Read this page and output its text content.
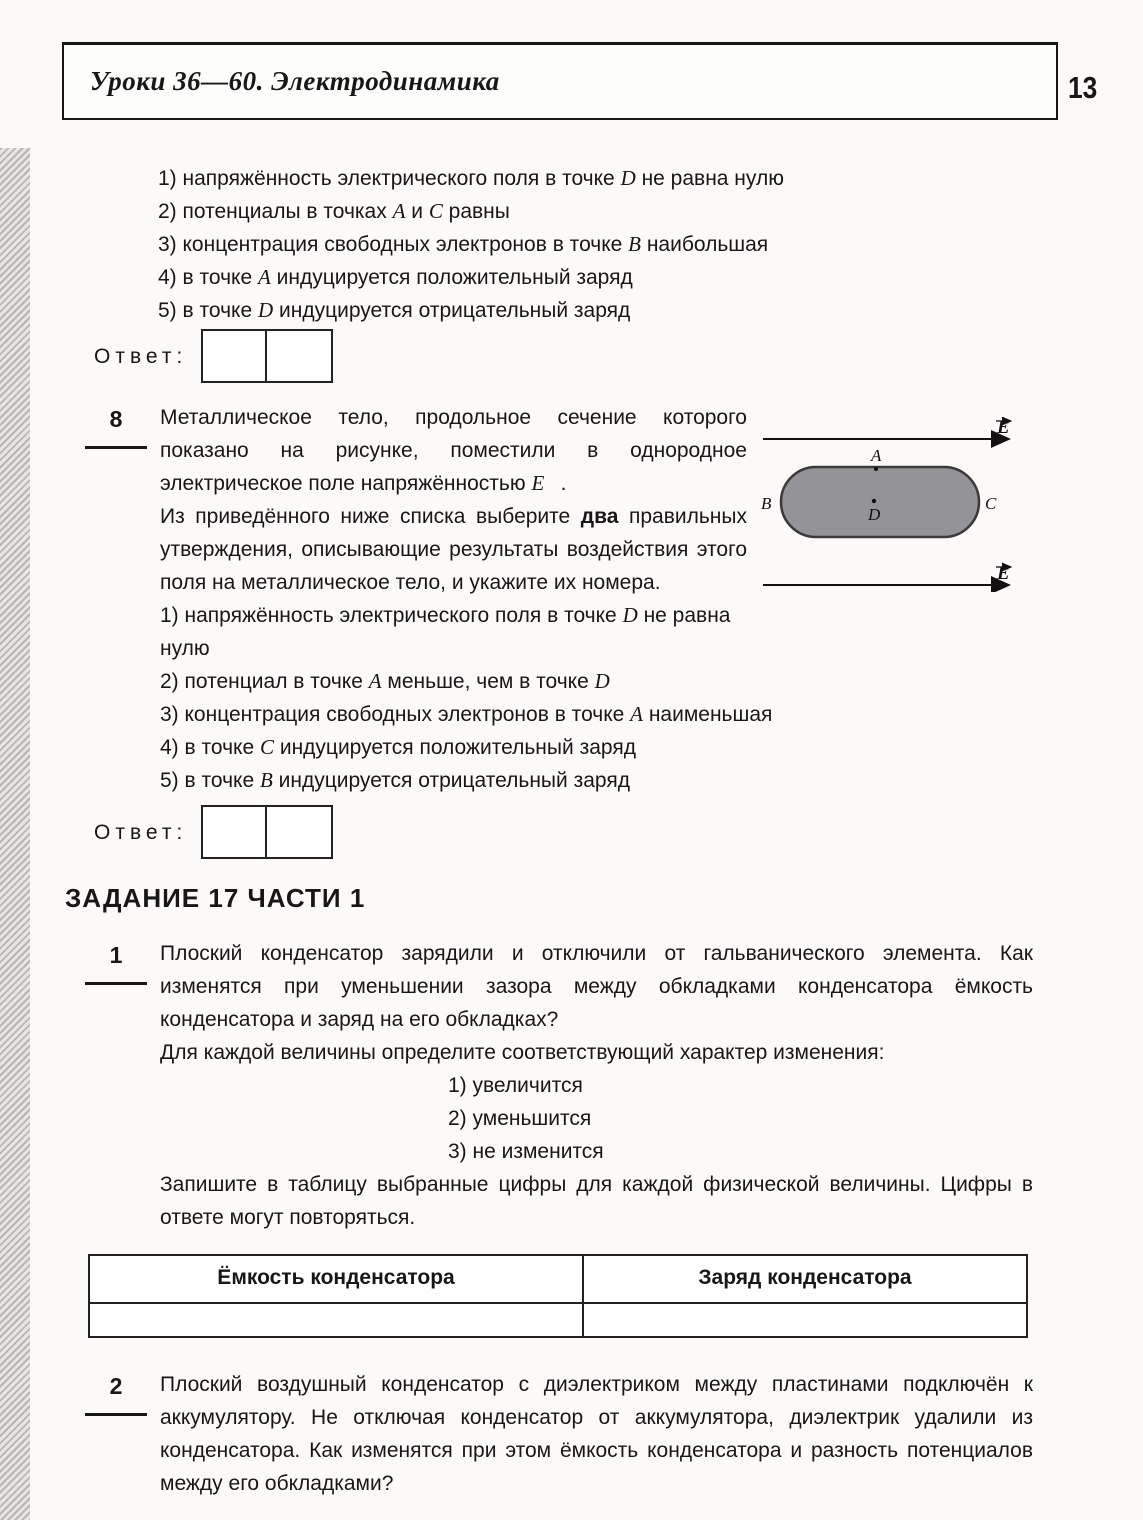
Уроки 36—60. Электродинамика	13
1) напряжённость электрического поля в точке D не равна нулю
2) потенциалы в точках A и C равны
3) концентрация свободных электронов в точке B наибольшая
4) в точке A индуцируется положительный заряд
5) в точке D индуцируется отрицательный заряд
Ответ:
8	E
A
D
B	C
E

Металлическое тело, продольное сечение которого показано на рисунке, поместили в однородное электрическое поле напряжённостью E⃗.

Из приведённого ниже списка выберите два правильных утверждения, описывающие результаты воздействия этого поля на металлическое тело, и укажите их номера.

1) напряжённость электрического поля в точке D не равна нулю
2) потенциал в точке A меньше, чем в точке D
3) концентрация свободных электронов в точке A наименьшая
4) в точке C индуцируется положительный заряд
5) в точке B индуцируется отрицательный заряд
Ответ:
ЗАДАНИЕ 17 ЧАСТИ 1
1	Плоский конденсатор зарядили и отключили от гальванического элемента. Как изменятся при уменьшении зазора между обкладками конденсатора ёмкость конденсатора и заряд на его обкладках?

Для каждой величины определите соответствующий характер изменения:

1) увеличится
2) уменьшится
3) не изменится

Запишите в таблицу выбранные цифры для каждой физической величины. Цифры в ответе могут повторяться.

Ёмкость конденсатора	Заряд конденсатора

2	Плоский воздушный конденсатор с диэлектриком между пластинами подключён к аккумулятору. Не отключая конденсатор от аккумулятора, диэлектрик удалили из конденсатора. Как изменятся при этом ёмкость конденсатора и разность потенциалов между его обкладками?
